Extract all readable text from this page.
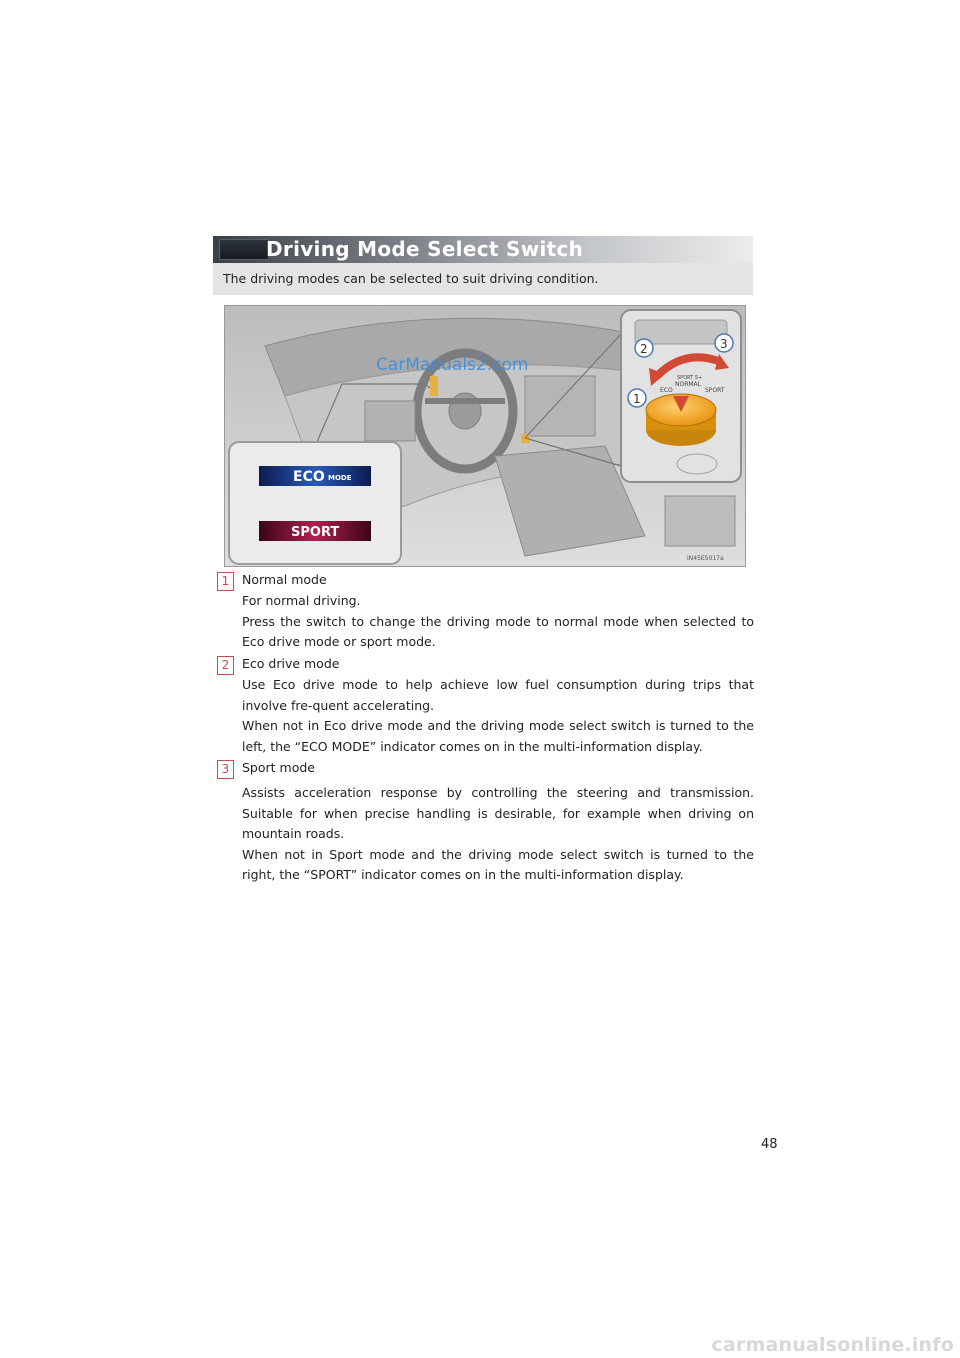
Driving Mode Select Switch
The driving modes can be selected to suit driving condition.
ECO MODE
SPORT
ECO
SPORT S+
NORMAL
SPORT
2	3
1
CarManuals2.com
IN45E5017a
1	Normal mode

For normal driving.

Press the switch to change the driving mode to normal mode when selected to Eco drive mode or sport mode.

2	Eco drive mode

Use Eco drive mode to help achieve low fuel consumption during trips that involve fre-quent accelerating.

When not in Eco drive mode and the driving mode select switch is turned to the left, the “ECO MODE” indicator comes on in the multi-information display.

3	Sport mode

Assists acceleration response by controlling the steering and transmission. Suitable for when precise handling is desirable, for example when driving on mountain roads.

When not in Sport mode and the driving mode select switch is turned to the right, the “SPORT” indicator comes on in the multi-information display.

48
carmanualsonline.info
